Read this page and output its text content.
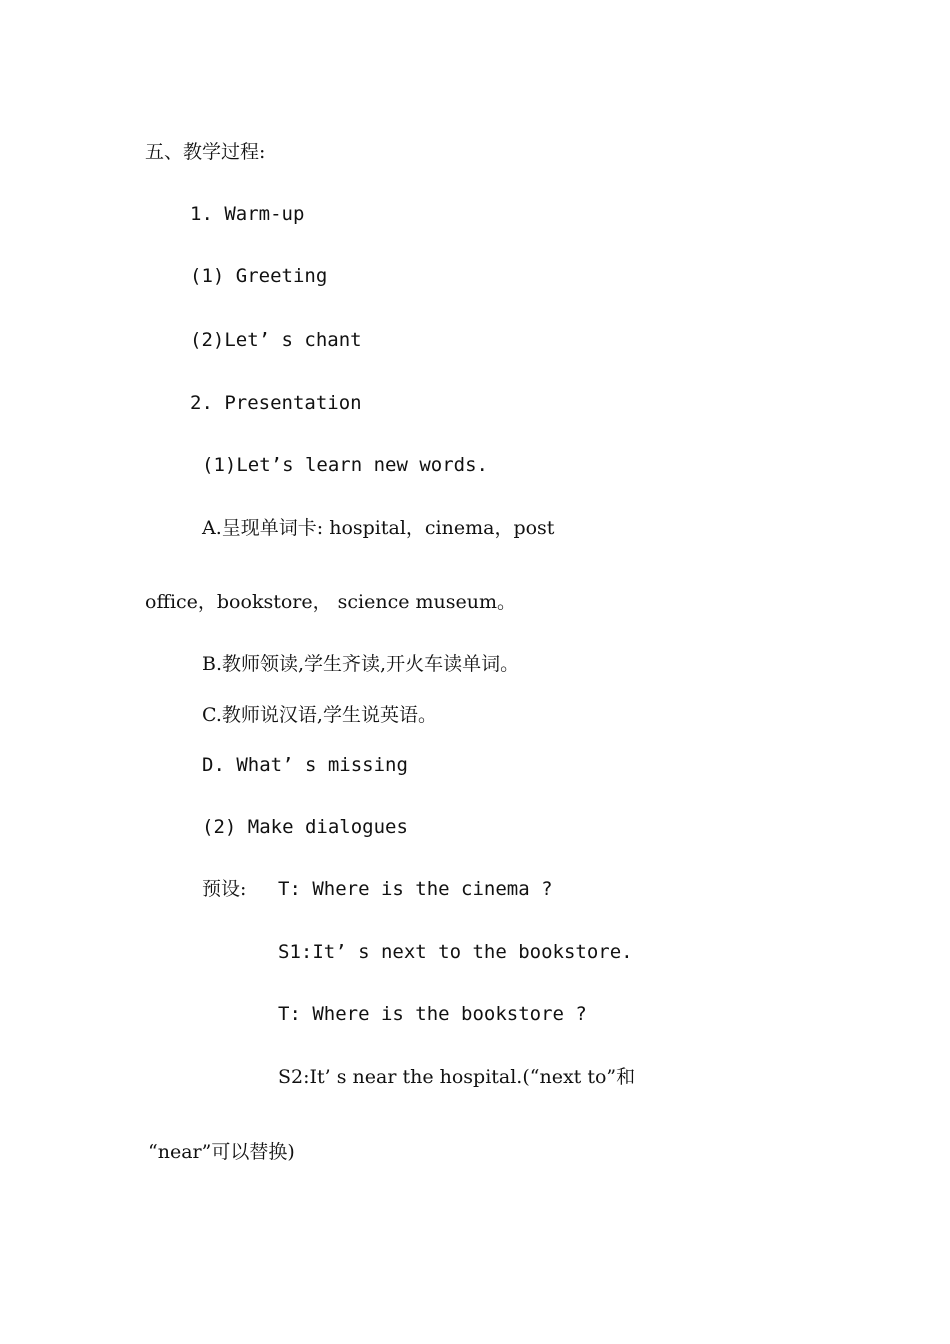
五、教学过程:
1. Warm-up
(1) Greeting
(2)Let’ s chant
2. Presentation
(1)Let’s learn new words.
A.呈现单词卡: hospital，cinema，post
office，bookstore， science museum。
B.教师领读,学生齐读,开火车读单词。
C.教师说汉语,学生说英语。
D. What’ s missing
(2) Make dialogues
预设: T: Where is the cinema ?
S1:It’ s next to the bookstore.
T: Where is the bookstore ?
S2:It’ s near the hospital.(“next to”和
“near”可以替换)
